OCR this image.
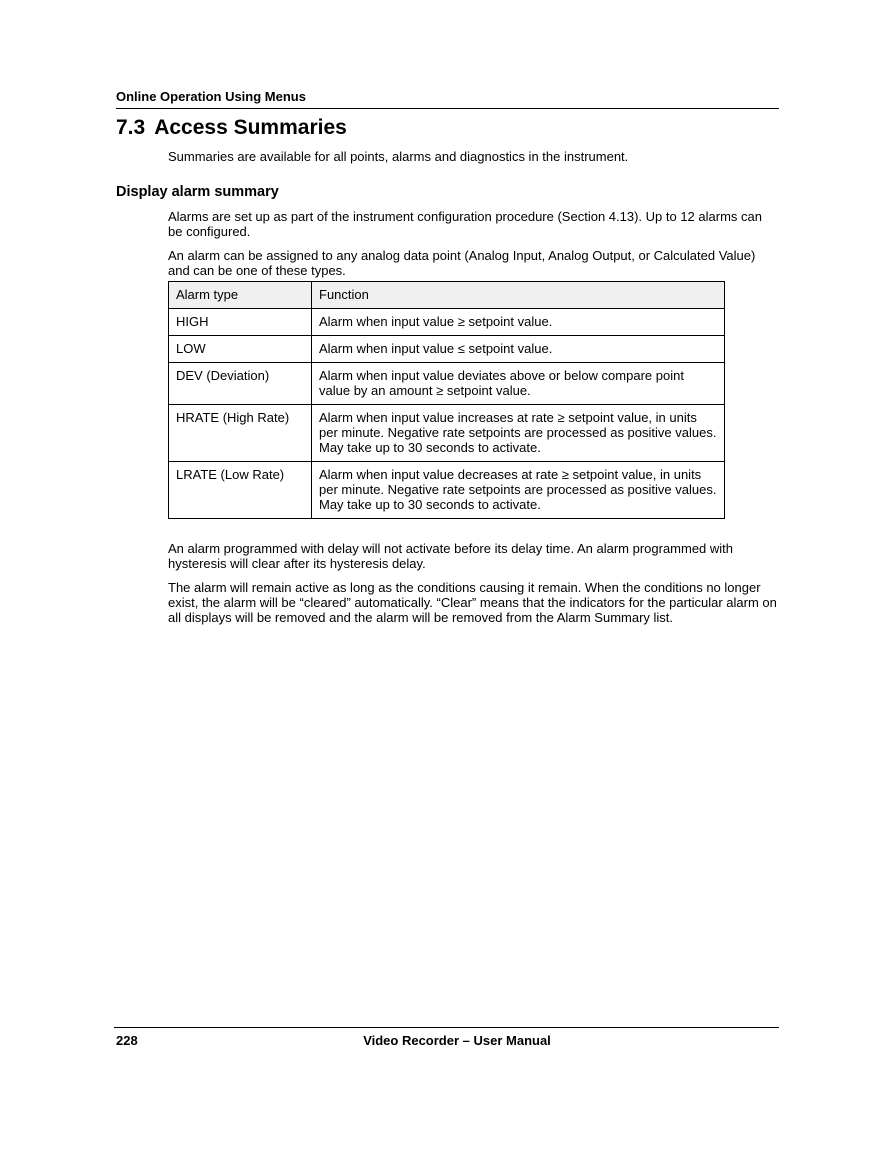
Online Operation Using Menus
7.3 Access Summaries

Summaries are available for all points, alarms and diagnostics in the instrument.

Display alarm summary

Alarms are set up as part of the instrument configuration procedure (Section 4.13). Up to 12 alarms can be configured.

An alarm can be assigned to any analog data point (Analog Input, Analog Output, or Calculated Value) and can be one of these types.

Alarm type	Function
HIGH	Alarm when input value ≥ setpoint value.
LOW	Alarm when input value ≤ setpoint value.
DEV (Deviation)	Alarm when input value deviates above or below compare point value by an amount ≥ setpoint value.
HRATE (High Rate)	Alarm when input value increases at rate ≥ setpoint value, in units per minute. Negative rate setpoints are processed as positive values. May take up to 30 seconds to activate.
LRATE (Low Rate)	Alarm when input value decreases at rate ≥ setpoint value, in units per minute. Negative rate setpoints are processed as positive values. May take up to 30 seconds to activate.

An alarm programmed with delay will not activate before its delay time. An alarm programmed with hysteresis will clear after its hysteresis delay.

The alarm will remain active as long as the conditions causing it remain. When the conditions no longer exist, the alarm will be “cleared” automatically. “Clear” means that the indicators for the particular alarm on all displays will be removed and the alarm will be removed from the Alarm Summary list.

228	Video Recorder – User Manual
